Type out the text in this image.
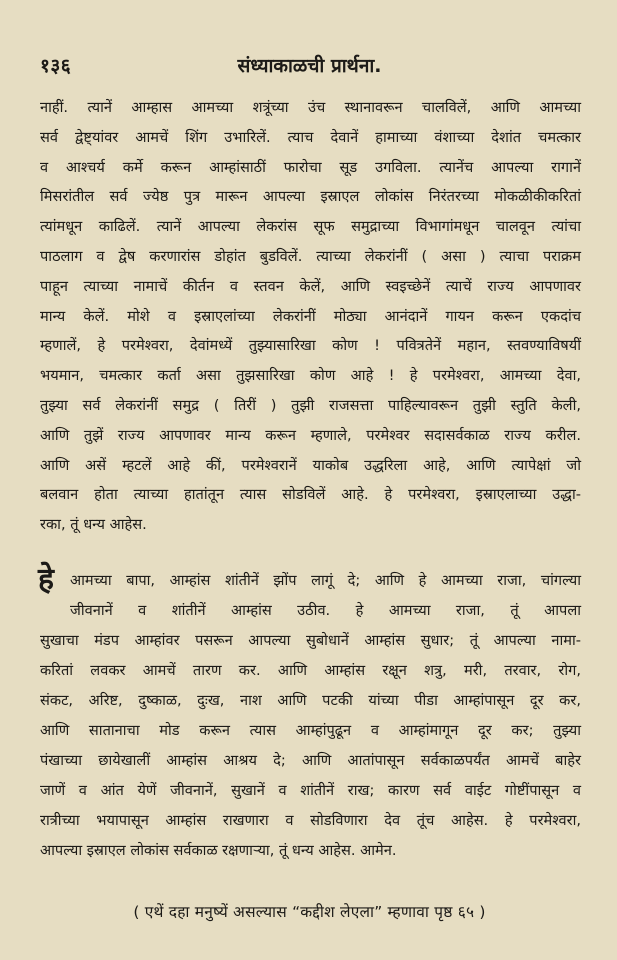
१३६	संध्याकाळची प्रार्थना.
नाहीं. त्यानें आम्हास आमच्या शत्रूंच्या उंच स्थानावरून चालविलें, आणि आमच्या
सर्व द्वेष्ट्यांवर आमचें शिंग उभारिलें. त्याच देवानें हामाच्या वंशाच्या देशांत चमत्कार
व आश्चर्य कर्मे करून आम्हांसाठीं फारोचा सूड उगविला. त्यानेंच आपल्या रागानें
मिसरांतील सर्व ज्येष्ठ पुत्र मारून आपल्या इस्राएल लोकांस निरंतरच्या मोकळीकीकरितां
त्यांमधून काढिलें. त्यानें आपल्या लेकरांस सूफ समुद्राच्या विभागांमधून चालवून त्यांचा
पाठलाग व द्वेष करणारांस डोहांत बुडविलें. त्याच्या लेकरांनीं ( असा ) त्याचा पराक्रम
पाहून त्याच्या नामाचें कीर्तन व स्तवन केलें, आणि स्वइच्छेनें त्याचें राज्य आपणावर
मान्य केलें. मोशे व इस्राएलांच्या लेकरांनीं मोठ्या आनंदानें गायन करून एकदांच
म्हणालें, हे परमेश्वरा, देवांमध्यें तुझ्यासारिखा कोण ! पवित्रतेनें महान, स्तवण्याविषयीं
भयमान, चमत्कार कर्ता असा तुझसारिखा कोण आहे ! हे परमेश्वरा, आमच्या देवा,
तुझ्या सर्व लेकरांनीं समुद्र ( तिरीं ) तुझी राजसत्ता पाहिल्यावरून तुझी स्तुति केली,
आणि तुझें राज्य आपणावर मान्य करून म्हणाले, परमेश्वर सदासर्वकाळ राज्य करील.
आणि असें म्हटलें आहे कीं, परमेश्वरानें याकोब उद्धरिला आहे, आणि त्यापेक्षां जो
बलवान होता त्याच्या हातांतून त्यास सोडविलें आहे. हे परमेश्वरा, इस्राएलाच्या उद्धा-
रका, तूं धन्य आहेस.
हे	आमच्या बापा, आम्हांस शांतीनें झोंप लागूं दे; आणि हे आमच्या राजा, चांगल्या
जीवनानें व शांतीनें आम्हांस उठीव. हे आमच्या राजा, तूं आपला
सुखाचा मंडप आम्हांवर पसरून आपल्या सुबोधानें आम्हांस सुधार; तूं आपल्या नामा-
करितां लवकर आमचें तारण कर. आणि आम्हांस रक्षून शत्रु, मरी, तरवार, रोग,
संकट, अरिष्ट, दुष्काळ, दुःख, नाश आणि पटकी यांच्या पीडा आम्हांपासून दूर कर,
आणि सातानाचा मोड करून त्यास आम्हांपुढून व आम्हांमागून दूर कर; तुझ्या
पंखाच्या छायेखालीं आम्हांस आश्रय दे; आणि आतांपासून सर्वकाळपर्यंत आमचें बाहेर
जाणें व आंत येणें जीवनानें, सुखानें व शांतीनें राख; कारण सर्व वाईट गोष्टींपासून व
रात्रीच्या भयापासून आम्हांस राखणारा व सोडविणारा देव तूंच आहेस. हे परमेश्वरा,
आपल्या इस्राएल लोकांस सर्वकाळ रक्षणाऱ्या, तूं धन्य आहेस. आमेन.
( एथें दहा मनुष्यें असल्यास “कद्दीश लेएला” म्हणावा पृष्ठ ६५ )
